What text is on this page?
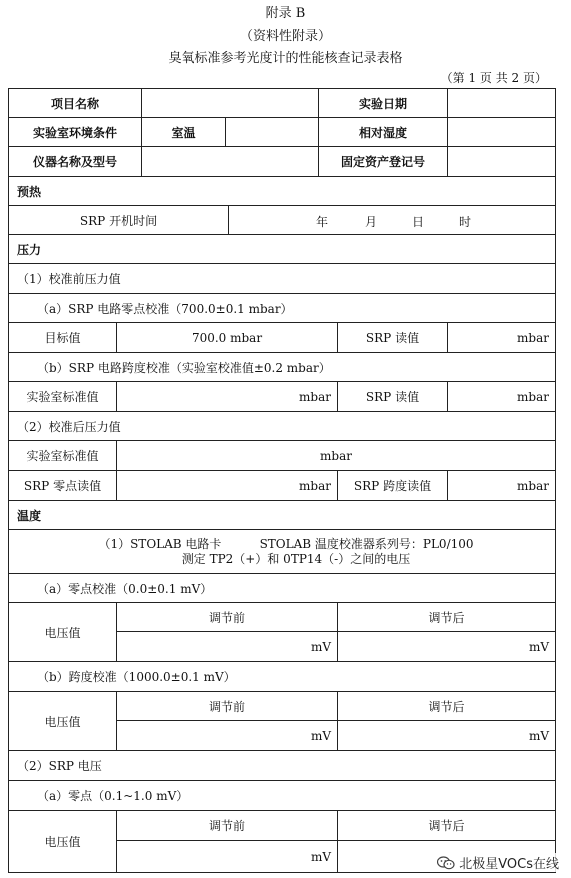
附录 B
（资料性附录）
臭氧标准参考光度计的性能核查记录表格
（第 1 页 共 2 页）
项目名称	实验日期
实验室环境条件	室温	相对湿度
仪器名称及型号	固定资产登记号
预热
SRP 开机时间	年	月	日	时
压力
（1）校准前压力值
（a）SRP 电路零点校准（700.0±0.1 mbar）
目标值	700.0 mbar	SRP 读值	mbar
（b）SRP 电路跨度校准（实验室校准值±0.2 mbar）
实验室标准值	mbar	SRP 读值	mbar
（2）校准后压力值
实验室标准值	mbar
SRP 零点读值	mbar	SRP 跨度读值	mbar
温度
（1）STOLAB 电路卡          STOLAB 温度校准器系列号：PL0/100
测定 TP2（+）和 0TP14（-）之间的电压
（a）零点校准（0.0±0.1 mV）
电压值
调节前	调节后
mV	mV
（b）跨度校准（1000.0±0.1 mV）
电压值
调节前	调节后
mV	mV
（2）SRP 电压
（a）零点（0.1~1.0 mV）
电压值
调节前	调节后
mV
北极星VOCs在线
